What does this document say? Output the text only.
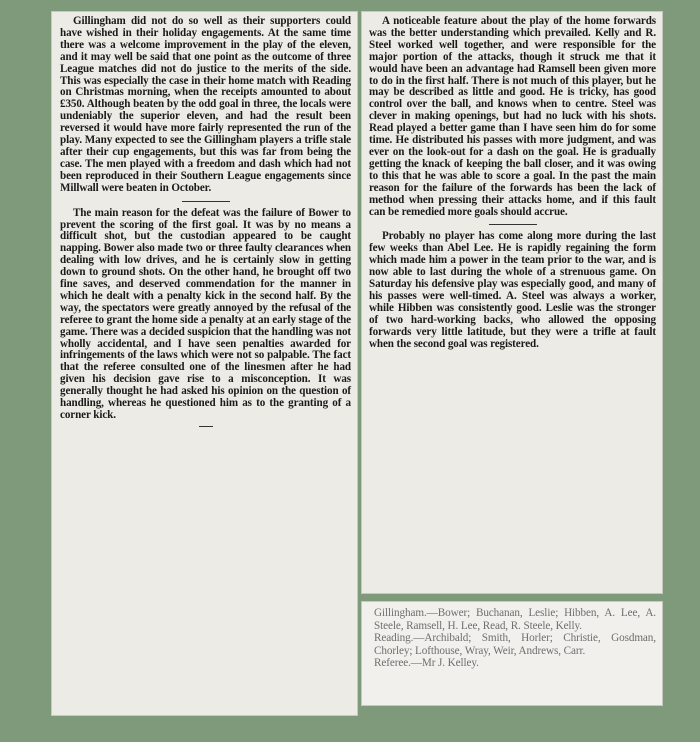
Gillingham did not do so well as their supporters could have wished in their holiday engagements. At the same time there was a welcome improvement in the play of the eleven, and it may well be said that one point as the outcome of three League matches did not do justice to the merits of the side. This was especially the case in their home match with Reading on Christmas morning, when the receipts amounted to about £350. Although beaten by the odd goal in three, the locals were undeniably the superior eleven, and had the result been reversed it would have more fairly represented the run of the play. Many expected to see the Gillingham players a trifle stale after their cup engagements, but this was far from being the case. The men played with a freedom and dash which had not been reproduced in their Southern League engagements since Millwall were beaten in October.

The main reason for the defeat was the failure of Bower to prevent the scoring of the first goal. It was by no means a difficult shot, but the custodian appeared to be caught napping. Bower also made two or three faulty clearances when dealing with low drives, and he is certainly slow in getting down to ground shots. On the other hand, he brought off two fine saves, and deserved commendation for the manner in which he dealt with a penalty kick in the second half. By the way, the spectators were greatly annoyed by the refusal of the referee to grant the home side a penalty at an early stage of the game. There was a decided suspicion that the handling was not wholly accidental, and I have seen penalties awarded for infringements of the laws which were not so palpable. The fact that the referee consulted one of the linesmen after he had given his decision gave rise to a misconception. It was generally thought he had asked his opinion on the question of handling, whereas he questioned him as to the granting of a corner kick.

A noticeable feature about the play of the home forwards was the better understanding which prevailed. Kelly and R. Steel worked well together, and were responsible for the major portion of the attacks, though it struck me that it would have been an advantage had Ramsell been given more to do in the first half. There is not much of this player, but he may be described as little and good. He is tricky, has good control over the ball, and knows when to centre. Steel was clever in making openings, but had no luck with his shots. Read played a better game than I have seen him do for some time. He distributed his passes with more judgment, and was ever on the look-out for a dash on the goal. He is gradually getting the knack of keeping the ball closer, and it was owing to this that he was able to score a goal. In the past the main reason for the failure of the forwards has been the lack of method when pressing their attacks home, and if this fault can be remedied more goals should accrue.

Probably no player has come along more during the last few weeks than Abel Lee. He is rapidly regaining the form which made him a power in the team prior to the war, and is now able to last during the whole of a strenuous game. On Saturday his defensive play was especially good, and many of his passes were well-timed. A. Steel was always a worker, while Hibben was consistently good. Leslie was the stronger of two hard-working backs, who allowed the opposing forwards very little latitude, but they were a trifle at fault when the second goal was registered.

Gillingham.—Bower; Buchanan, Leslie; Hibben, A. Lee, A. Steele, Ramsell, H. Lee, Read, R. Steele, Kelly.

Reading.—Archibald; Smith, Horler; Christie, Gosdman, Chorley; Lofthouse, Wray, Weir, Andrews, Carr.

Referee.—Mr J. Kelley.
